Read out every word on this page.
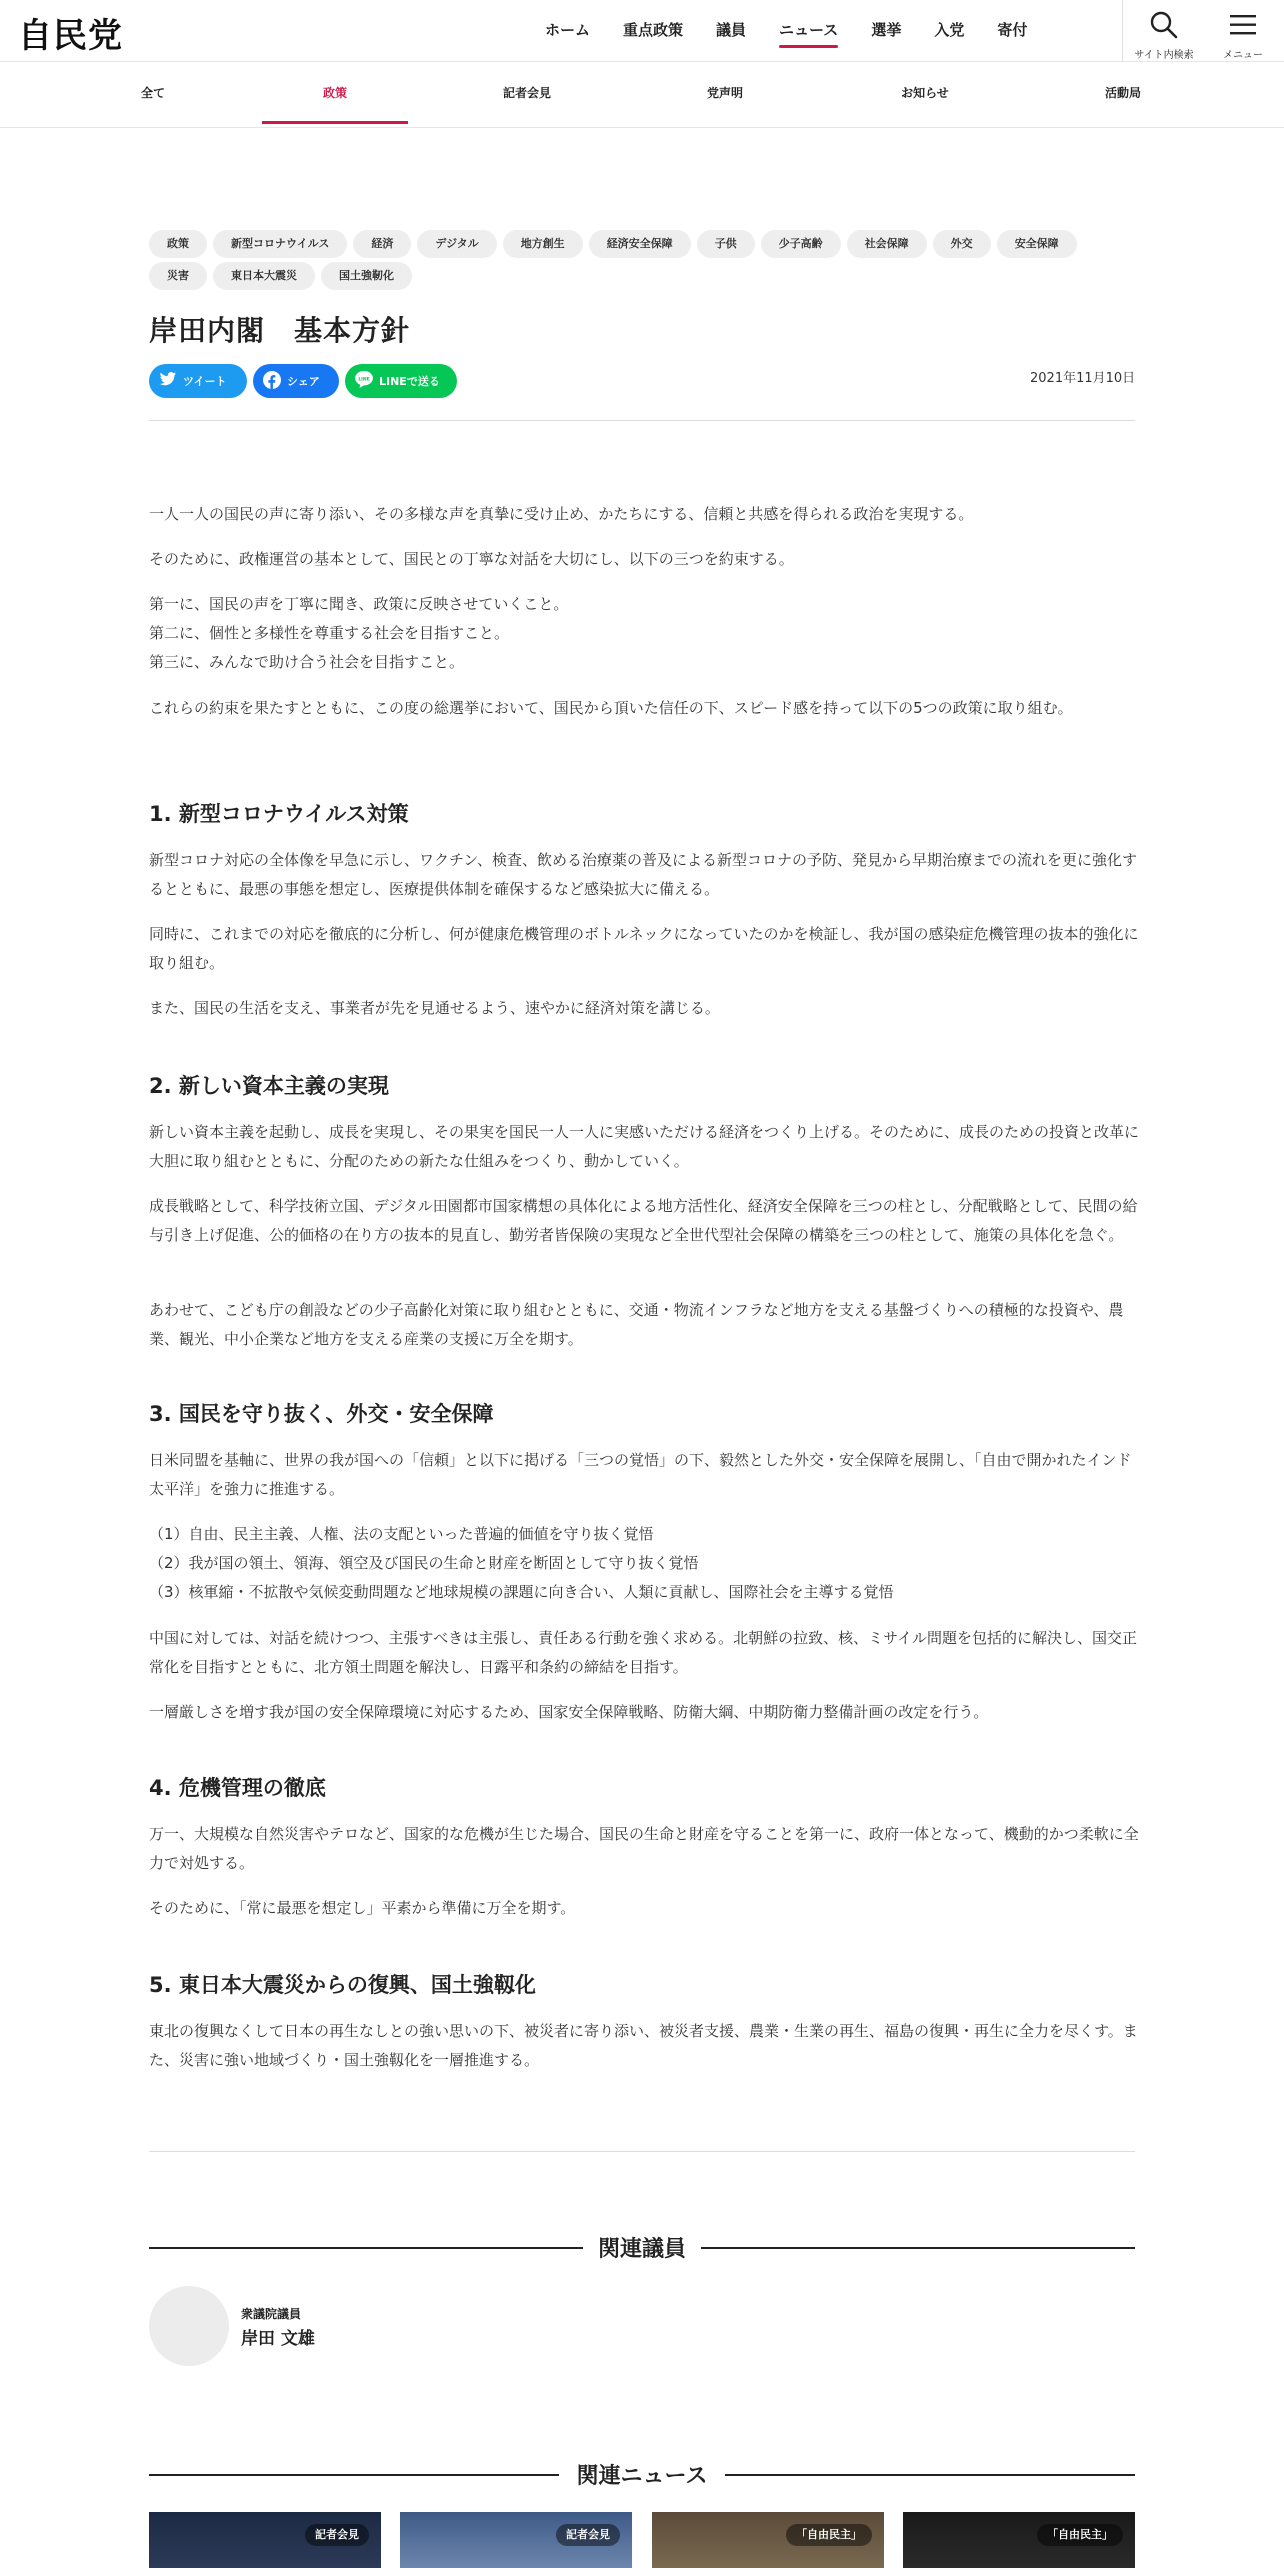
自民党	ホーム 重点政策 議員 ニュース 選挙 入党 寄付
サイト内検索	メニュー
全て	政策	記者会見	党声明	お知らせ	活動局
政策	新型コロナウイルス	経済	デジタル	地方創生	経済安全保障	子供	少子高齢	社会保障	外交	安全保障
災害	東日本大震災	国土強靭化
岸田内閣　基本方針
ツイート	シェア	LINE LINEで送る	2021年11月10日

一人一人の国民の声に寄り添い、その多様な声を真摯に受け止め、かたちにする、信頼と共感を得られる政治を実現する。

そのために、政権運営の基本として、国民との丁寧な対話を大切にし、以下の三つを約束する。

第一に、国民の声を丁寧に聞き、政策に反映させていくこと。
第二に、個性と多様性を尊重する社会を目指すこと。
第三に、みんなで助け合う社会を目指すこと。

これらの約束を果たすとともに、この度の総選挙において、国民から頂いた信任の下、スピード感を持って以下の5つの政策に取り組む。

1. 新型コロナウイルス対策

新型コロナ対応の全体像を早急に示し、ワクチン、検査、飲める治療薬の普及による新型コロナの予防、発見から早期治療までの流れを更に強化するとともに、最悪の事態を想定し、医療提供体制を確保するなど感染拡大に備える。

同時に、これまでの対応を徹底的に分析し、何が健康危機管理のボトルネックになっていたのかを検証し、我が国の感染症危機管理の抜本的強化に取り組む。

また、国民の生活を支え、事業者が先を見通せるよう、速やかに経済対策を講じる。

2. 新しい資本主義の実現

新しい資本主義を起動し、成長を実現し、その果実を国民一人一人に実感いただける経済をつくり上げる。そのために、成長のための投資と改革に大胆に取り組むとともに、分配のための新たな仕組みをつくり、動かしていく。

成長戦略として、科学技術立国、デジタル田園都市国家構想の具体化による地方活性化、経済安全保障を三つの柱とし、分配戦略として、民間の給与引き上げ促進、公的価格の在り方の抜本的見直し、勤労者皆保険の実現など全世代型社会保障の構築を三つの柱として、施策の具体化を急ぐ。

あわせて、こども庁の創設などの少子高齢化対策に取り組むとともに、交通・物流インフラなど地方を支える基盤づくりへの積極的な投資や、農業、観光、中小企業など地方を支える産業の支援に万全を期す。

3. 国民を守り抜く、外交・安全保障

日米同盟を基軸に、世界の我が国への「信頼」と以下に掲げる「三つの覚悟」の下、毅然とした外交・安全保障を展開し、「自由で開かれたインド太平洋」を強力に推進する。

（1）自由、民主主義、人権、法の支配といった普遍的価値を守り抜く覚悟
（2）我が国の領土、領海、領空及び国民の生命と財産を断固として守り抜く覚悟
（3）核軍縮・不拡散や気候変動問題など地球規模の課題に向き合い、人類に貢献し、国際社会を主導する覚悟

中国に対しては、対話を続けつつ、主張すべきは主張し、責任ある行動を強く求める。北朝鮮の拉致、核、ミサイル問題を包括的に解決し、国交正常化を目指すとともに、北方領土問題を解決し、日露平和条約の締結を目指す。

一層厳しさを増す我が国の安全保障環境に対応するため、国家安全保障戦略、防衛大綱、中期防衛力整備計画の改定を行う。

4. 危機管理の徹底

万一、大規模な自然災害やテロなど、国家的な危機が生じた場合、国民の生命と財産を守ることを第一に、政府一体となって、機動的かつ柔軟に全力で対処する。

そのために、「常に最悪を想定し」平素から準備に万全を期す。

5. 東日本大震災からの復興、国土強靱化

東北の復興なくして日本の再生なしとの強い思いの下、被災者に寄り添い、被災者支援、農業・生業の再生、福島の復興・再生に全力を尽くす。また、災害に強い地域づくり・国土強靱化を一層推進する。

関連議員
衆議院議員
岸田 文雄
関連ニュース
記者会見	記者会見	「自由民主」	「自由民主」
